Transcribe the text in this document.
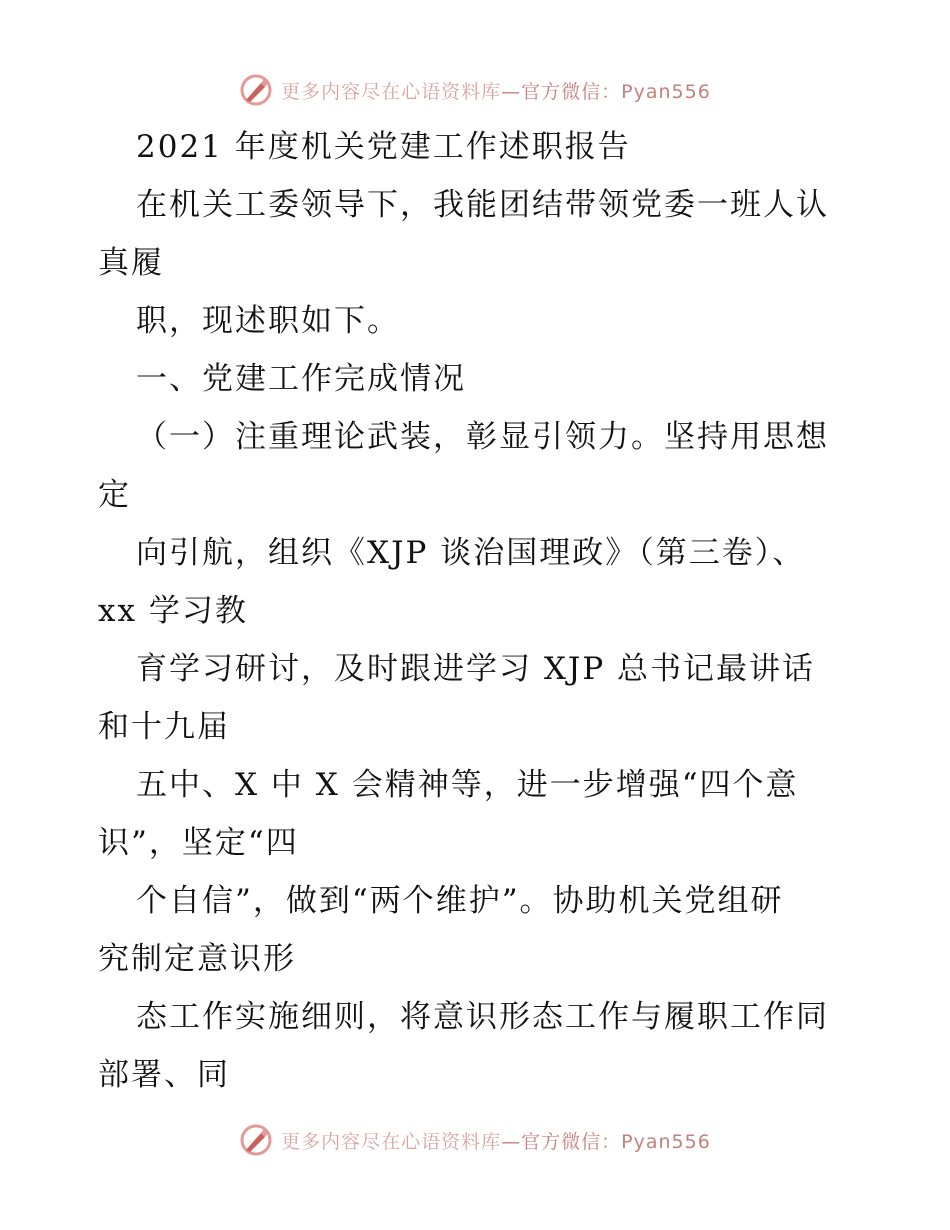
更多内容尽在心语资料库—官方微信：Pyan556
2021 年度机关党建工作述职报告
在机关工委领导下，我能团结带领党委一班人认
真履
职，现述职如下。
一、党建工作完成情况
（一）注重理论武装，彰显引领力。坚持用思想
定
向引航，组织《XJP 谈治国理政》（第三卷）、
xx 学习教
育学习研讨，及时跟进学习 XJP 总书记最讲话
和十九届
五中、X 中 X 会精神等，进一步增强“四个意
识”，坚定“四
个自信”，做到“两个维护”。协助机关党组研
究制定意识形
态工作实施细则，将意识形态工作与履职工作同
部署、同
更多内容尽在心语资料库—官方微信：Pyan556
